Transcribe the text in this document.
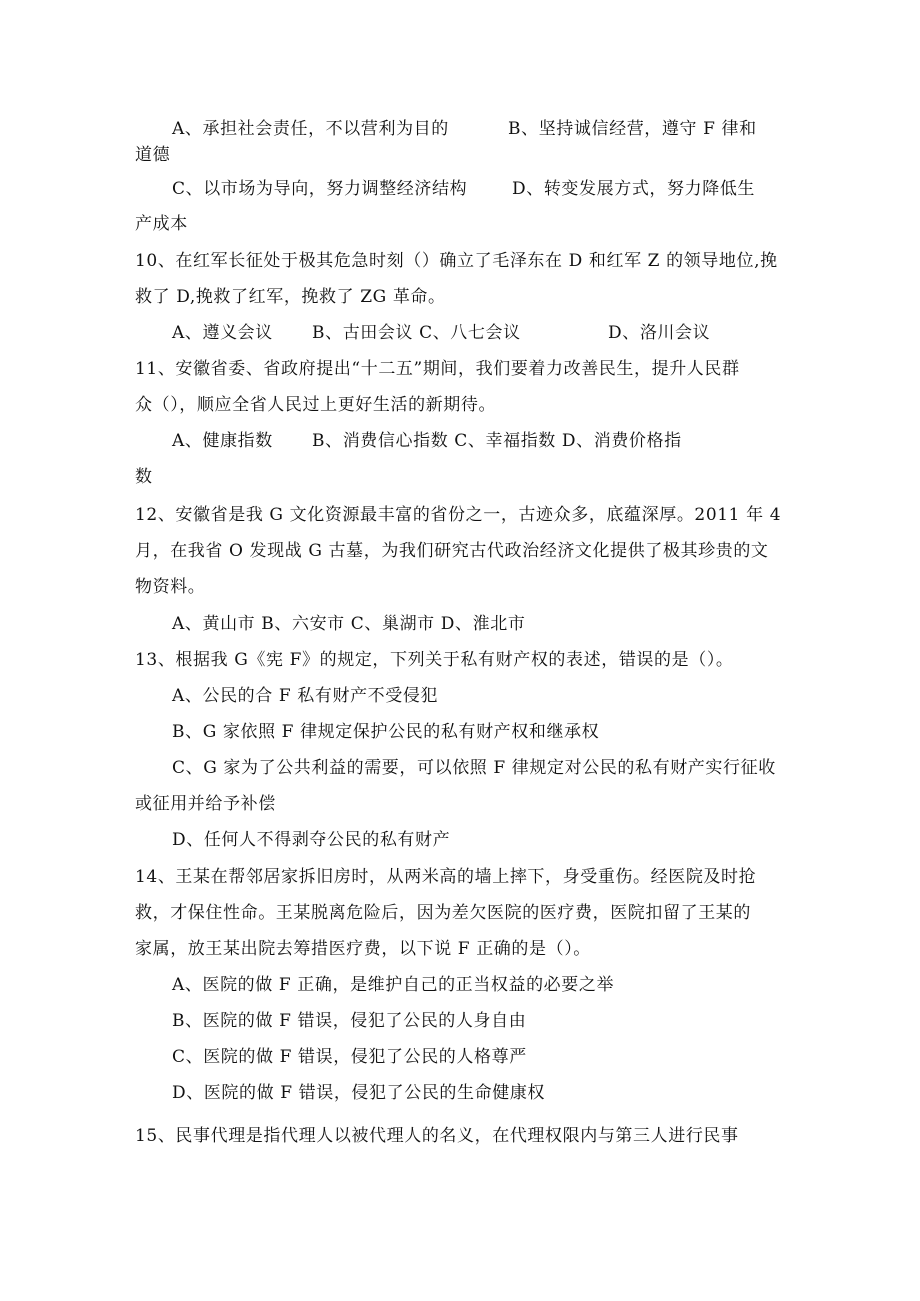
A、承担社会责任，不以营利为目的	B、坚持诚信经营，遵守 F 律和
道德
C、以市场为导向，努力调整经济结构	D、转变发展方式，努力降低生
产成本
10、在红军长征处于极其危急时刻（）确立了毛泽东在 D 和红军 Z 的领导地位,挽
救了 D,挽救了红军，挽救了 ZG 革命。
A、遵义会议 B、古田会议 C、八七会议	D、洛川会议
11、安徽省委、省政府提出“十二五”期间，我们要着力改善民生，提升人民群
众（），顺应全省人民过上更好生活的新期待。
A、健康指数 B、消费信心指数 C、幸福指数 D、消费价格指
数
12、安徽省是我 G 文化资源最丰富的省份之一，古迹众多，底蕴深厚。2011 年 4
月，在我省 O 发现战 G 古墓，为我们研究古代政治经济文化提供了极其珍贵的文
物资料。
A、黄山市 B、六安市 C、巢湖市 D、淮北市
13、根据我 G《宪 F》的规定，下列关于私有财产权的表述，错误的是（）。
A、公民的合 F 私有财产不受侵犯
B、G 家依照 F 律规定保护公民的私有财产权和继承权
C、G 家为了公共利益的需要，可以依照 F 律规定对公民的私有财产实行征收
或征用并给予补偿
D、任何人不得剥夺公民的私有财产
14、王某在帮邻居家拆旧房时，从两米高的墙上摔下，身受重伤。经医院及时抢
救，才保住性命。王某脱离危险后，因为差欠医院的医疗费，医院扣留了王某的
家属，放王某出院去筹措医疗费，以下说 F 正确的是（）。
A、医院的做 F 正确，是维护自己的正当权益的必要之举
B、医院的做 F 错误，侵犯了公民的人身自由
C、医院的做 F 错误，侵犯了公民的人格尊严
D、医院的做 F 错误，侵犯了公民的生命健康权
15、民事代理是指代理人以被代理人的名义，在代理权限内与第三人进行民事
